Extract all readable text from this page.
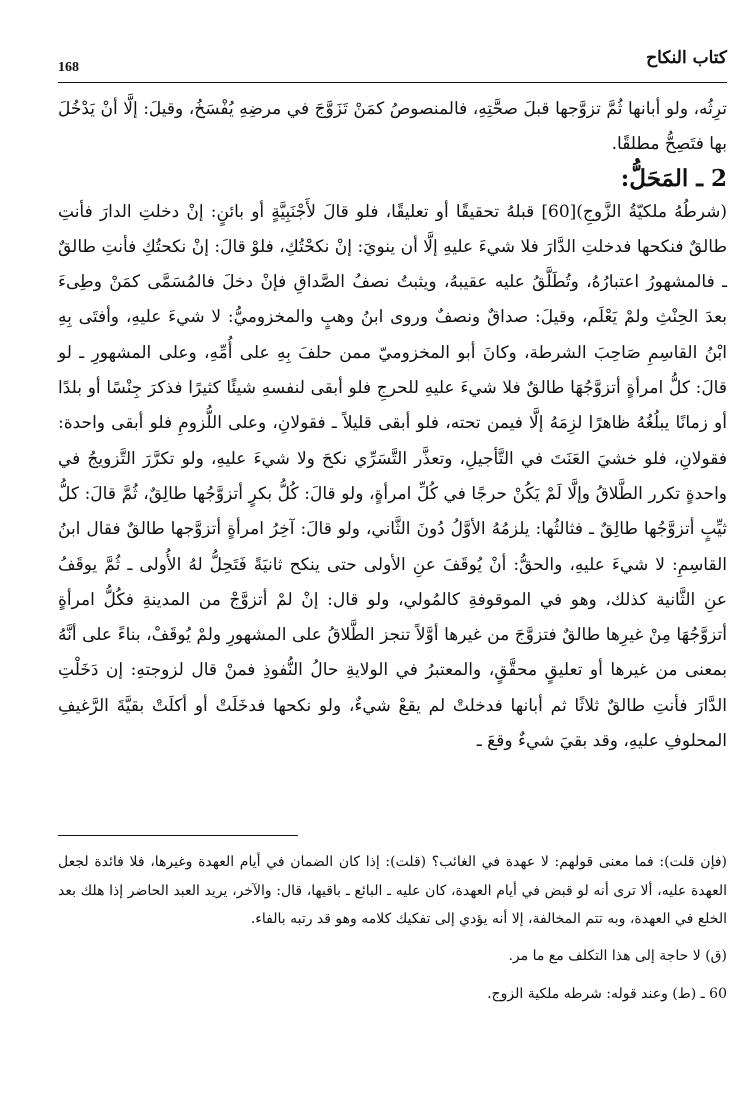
كتاب النكاح
168

ترِثُه، ولو أبانها ثُمَّ تزوَّجها قبلَ صحَّتِهِ، فالمنصوصُ كمَنْ تَزَوَّجَ في مرضِهِ يُفْسَخُ، وقيلَ: إلَّا أنْ يَدْخُلَ بها فتَصِحُّ مطلقًا.

2 ـ المَحَلُّ:

(شرطُهُ ملكيّةُ الزَّوجِ)[60] قبلهُ تحقيقًا أو تعليقًا، فلو قالَ لأَجْنَبِيَّةٍ أو بائنٍ: إنْ دخلتِ الدارَ فأنتِ طالقٌ فنكحها فدخلتِ الدَّارَ فلا شيءَ عليهِ إلَّا أن ينويَ: إنْ نكحْتُكِ، فلوْ قالَ: إنْ نكحتُكِ فأنتِ طالقٌ ـ فالمشهورُ اعتبارُهُ، وتُطَلَّقُ عليه عقيبهُ، ويثبتُ نصفُ الصَّداقِ فإنْ دخلَ فالمُسَمَّى كمَنْ وطِىءَ بعدَ الحِنْثِ ولمْ يَعْلَم، وقيلَ: صداقٌ ونصفٌ وروى ابنُ وهبٍ والمخزوميُّ: لا شيءَ عليهِ، وأفتَى بِهِ ابْنُ القاسِمِ صَاحِبَ الشرطة، وكانَ أبو المخزوميّ ممن حلفَ بِهِ على أُمِّهِ، وعلى المشهورِ ـ لو قالَ: كلُّ امرأةٍ أتزوَّجُهَا طالقٌ فلا شيءَ عليهِ للحرجِ فلو أبقى لنفسهِ شيئًا كثيرًا فذكرَ جِنْسًا أو بلدًا أو زمانًا يبلُغُهُ ظاهرًا لزِمَهُ إلَّا فيمن تحته، فلو أبقى قليلاً ـ فقولانِ، وعلى اللُّزومِ فلو أبقى واحدة: فقولانِ، فلو خشيَ العَنَتَ في التَّأجيلِ، وتعذَّر التَّسَرِّي نكحَ ولا شيءَ عليهِ، ولو تكرَّرَ التَّزويجُ في واحدةٍ تكرر الطَّلاقُ وإلَّا لَمْ يَكُنْ حرجًا في كُلِّ امرأةٍ، ولو قالَ: كُلُّ بكرٍ أتزوَّجُها طالِقٌ، ثُمَّ قالَ: كلُّ ثيِّبٍ أتزوَّجُها طالِقٌ ـ فثالثُها: يلزمُهُ الأوَّلُ دُونَ الثَّاني، ولو قالَ: آخِرُ امرأةٍ أتزوَّجها طالقٌ فقال ابنُ القاسِمِ: لا شيءَ عليهِ، والحقُّ: أنْ يُوقَفَ عنِ الأولى حتى ينكح ثانيَةً فَتَحِلُّ لهُ الأُولى ـ ثُمَّ يوقَفُ عنِ الثَّانية كذلك، وهو في الموقوفةِ كالمُولي، ولو قال: إنْ لمْ أتزوَّجْ من المدينةِ فكُلُّ امرأةٍ أتزوَّجُهَا مِنْ غيرِها طالقٌ فتزوَّجَ من غيرها أوَّلاً تنجز الطَّلاقُ على المشهورِ ولمْ يُوقَفْ، بناءً على أنَّهُ بمعنى من غيرها أو تعليقٍ محقَّقٍ، والمعتبرُ في الولايةِ حالُ النُّفوذِ فمنْ قال لزوجتهِ: إن دَخَلْتِ الدَّارَ فأنتِ طالقٌ ثلاثًا ثم أبانها فدخلتْ لم يقعْ شيءٌ، ولو نكحها فدخَلَتْ أو أكلَتْ بقيَّةَ الرَّغيفِ المحلوفِ عليهِ، وقد بقيَ شيءٌ وقعَ ـ

(فإن قلت): فما معنى قولهم: لا عهدة في الغائب؟ (قلت): إذا كان الضمان في أيام العهدة وغيرها، فلا فائدة لجعل العهدة عليه، ألا ترى أنه لو قبض في أيام العهدة، كان عليه ـ البائع ـ باقيها، قال: والآخر، يريد العبد الحاضر إذا هلك بعد الخلع في العهدة، وبه تتم المخالفة، إلا أنه يؤدي إلى تفكيك كلامه وهو قد رتبه بالفاء.

(ق) لا حاجة إلى هذا التكلف مع ما مر.

60 ـ (ط) وعند قوله: شرطه ملكية الزوج.
